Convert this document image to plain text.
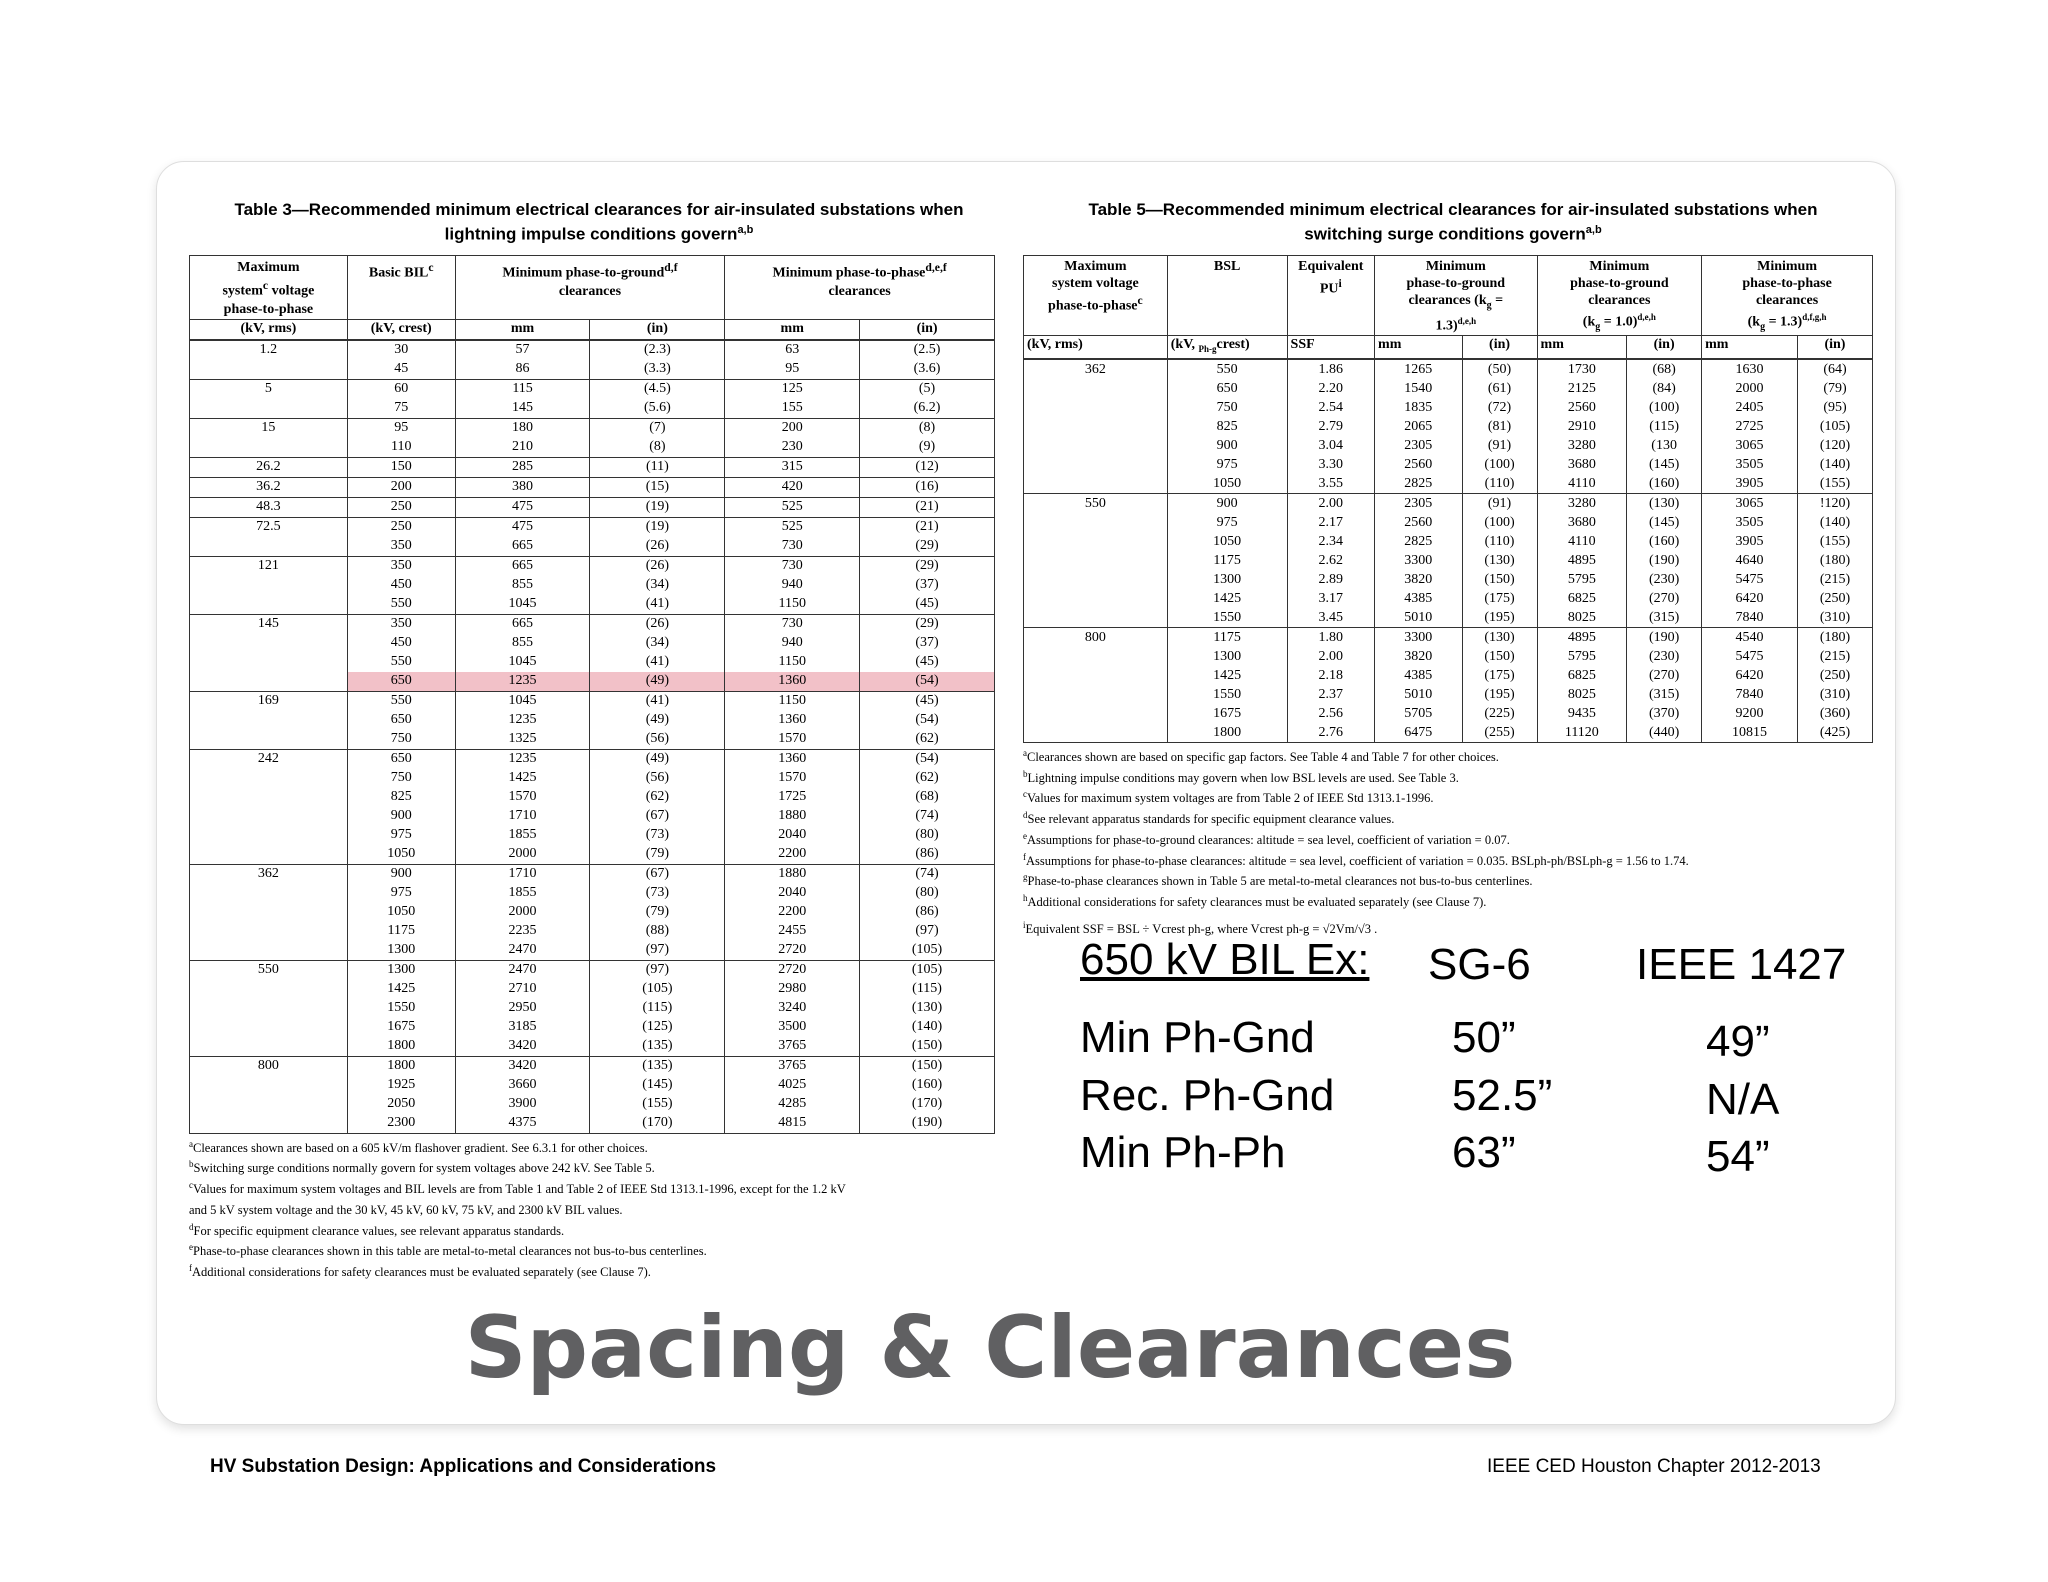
Table 3—Recommended minimum electrical clearances for air-insulated substations when
lightning impulse conditions govern$^{a,b}$
Maximum
system$^c$ voltage
phase-to-phase	Basic BIL$^c$	Minimum phase-to-ground$^{d,f}$
clearances		Minimum phase-to-phase$^{d,e,f}$
clearances	
(kV, rms)	(kV, crest)	mm	(in)	mm	(in)
1.2	30	57	(2.3)	63	(2.5)
	45	86	(3.3)	95	(3.6)
5	60	115	(4.5)	125	(5)
	75	145	(5.6)	155	(6.2)
15	95	180	(7)	200	(8)
	110	210	(8)	230	(9)
26.2	150	285	(11)	315	(12)
36.2	200	380	(15)	420	(16)
48.3	250	475	(19)	525	(21)
72.5	250	475	(19)	525	(21)
	350	665	(26)	730	(29)
121	350	665	(26)	730	(29)
	450	855	(34)	940	(37)
	550	1045	(41)	1150	(45)
145	350	665	(26)	730	(29)
	450	855	(34)	940	(37)
	550	1045	(41)	1150	(45)
	650	1235	(49)	1360	(54)
169	550	1045	(41)	1150	(45)
	650	1235	(49)	1360	(54)
	750	1325	(56)	1570	(62)
242	650	1235	(49)	1360	(54)
	750	1425	(56)	1570	(62)
	825	1570	(62)	1725	(68)
	900	1710	(67)	1880	(74)
	975	1855	(73)	2040	(80)
	1050	2000	(79)	2200	(86)
362	900	1710	(67)	1880	(74)
	975	1855	(73)	2040	(80)
	1050	2000	(79)	2200	(86)
	1175	2235	(88)	2455	(97)
	1300	2470	(97)	2720	(105)
550	1300	2470	(97)	2720	(105)
	1425	2710	(105)	2980	(115)
	1550	2950	(115)	3240	(130)
	1675	3185	(125)	3500	(140)
	1800	3420	(135)	3765	(150)
800	1800	3420	(135)	3765	(150)
	1925	3660	(145)	4025	(160)
	2050	3900	(155)	4285	(170)
	2300	4375	(170)	4815	(190)
$^a$Clearances shown are based on a 605 kV/m flashover gradient. See 6.3.1 for other choices.
$^b$Switching surge conditions normally govern for system voltages above 242 kV. See Table 5.
$^c$Values for maximum system voltages and BIL levels are from Table 1 and Table 2 of IEEE Std 1313.1-1996, except for the 1.2 kV
and 5 kV system voltage and the 30 kV, 45 kV, 60 kV, 75 kV, and 2300 kV BIL values.
$^d$For specific equipment clearance values, see relevant apparatus standards.
$^e$Phase-to-phase clearances shown in this table are metal-to-metal clearances not bus-to-bus centerlines.
$^f$Additional considerations for safety clearances must be evaluated separately (see Clause 7).
Table 5—Recommended minimum electrical clearances for air-insulated substations when
switching surge conditions govern$^{a,b}$
Maximum
system voltage
phase-to-phase$^c$	BSL	Equivalent
$PU^i$	Minimum
phase-to-ground
clearances ($k_g$ =
1.3)$^{d,e,h}$		Minimum
phase-to-ground
clearances
$(k_g = 1.0)^{d,e,h}$		Minimum
phase-to-phase
clearances
$(k_g = 1.3)^{d,f,g,h}$
(kV, rms)	(kV, $_{Ph-g}$crest)	SSF	mm	(in)	mm	(in)	mm	(in)
362	550	1.86	1265	(50)	1730	(68)	1630	(64)
	650	2.20	1540	(61)	2125	(84)	2000	(79)
	750	2.54	1835	(72)	2560	(100)	2405	(95)
	825	2.79	2065	(81)	2910	(115)	2725	(105)
	900	3.04	2305	(91)	3280	(130	3065	(120)
	975	3.30	2560	(100)	3680	(145)	3505	(140)
	1050	3.55	2825	(110)	4110	(160)	3905	(155)
550	900	2.00	2305	(91)	3280	(130)	3065	!120)
	975	2.17	2560	(100)	3680	(145)	3505	(140)
	1050	2.34	2825	(110)	4110	(160)	3905	(155)
	1175	2.62	3300	(130)	4895	(190)	4640	(180)
	1300	2.89	3820	(150)	5795	(230)	5475	(215)
	1425	3.17	4385	(175)	6825	(270)	6420	(250)
	1550	3.45	5010	(195)	8025	(315)	7840	(310)
800	1175	1.80	3300	(130)	4895	(190)	4540	(180)
	1300	2.00	3820	(150)	5795	(230)	5475	(215)
	1425	2.18	4385	(175)	6825	(270)	6420	(250)
	1550	2.37	5010	(195)	8025	(315)	7840	(310)
	1675	2.56	5705	(225)	9435	(370)	9200	(360)
	1800	2.76	6475	(255)	11120	(440)	10815	(425)
$^a$Clearances shown are based on specific gap factors. See Table 4 and Table 7 for other choices.
$^b$Lightning impulse conditions may govern when low BSL levels are used. See Table 3.
$^c$Values for maximum system voltages are from Table 2 of IEEE Std 1313.1-1996.
$^d$See relevant apparatus standards for specific equipment clearance values.
$^e$Assumptions for phase-to-ground clearances: altitude = sea level, coefficient of variation = 0.07.
$^f$Assumptions for phase-to-phase clearances: altitude = sea level, coefficient of variation = 0.035. BSLph-ph/BSLph-g = 1.56 to 1.74.
$^g$Phase-to-phase clearances shown in Table 5 are metal-to-metal clearances not bus-to-bus centerlines.
$^h$Additional considerations for safety clearances must be evaluated separately (see Clause 7).
$^i$Equivalent SSF = BSL ÷ Vcrest ph-g, where Vcrest ph-g = √2Vm/√3 .
650 kV BIL Ex: SG-6 IEEE 1427
Min Ph-Gnd	50”	49”
Rec. Ph-Gnd	52.5”	N/A
Min Ph-Ph	63”	54”
Spacing & Clearances
HV Substation Design: Applications and Considerations	IEEE CED Houston Chapter 2012-2013
